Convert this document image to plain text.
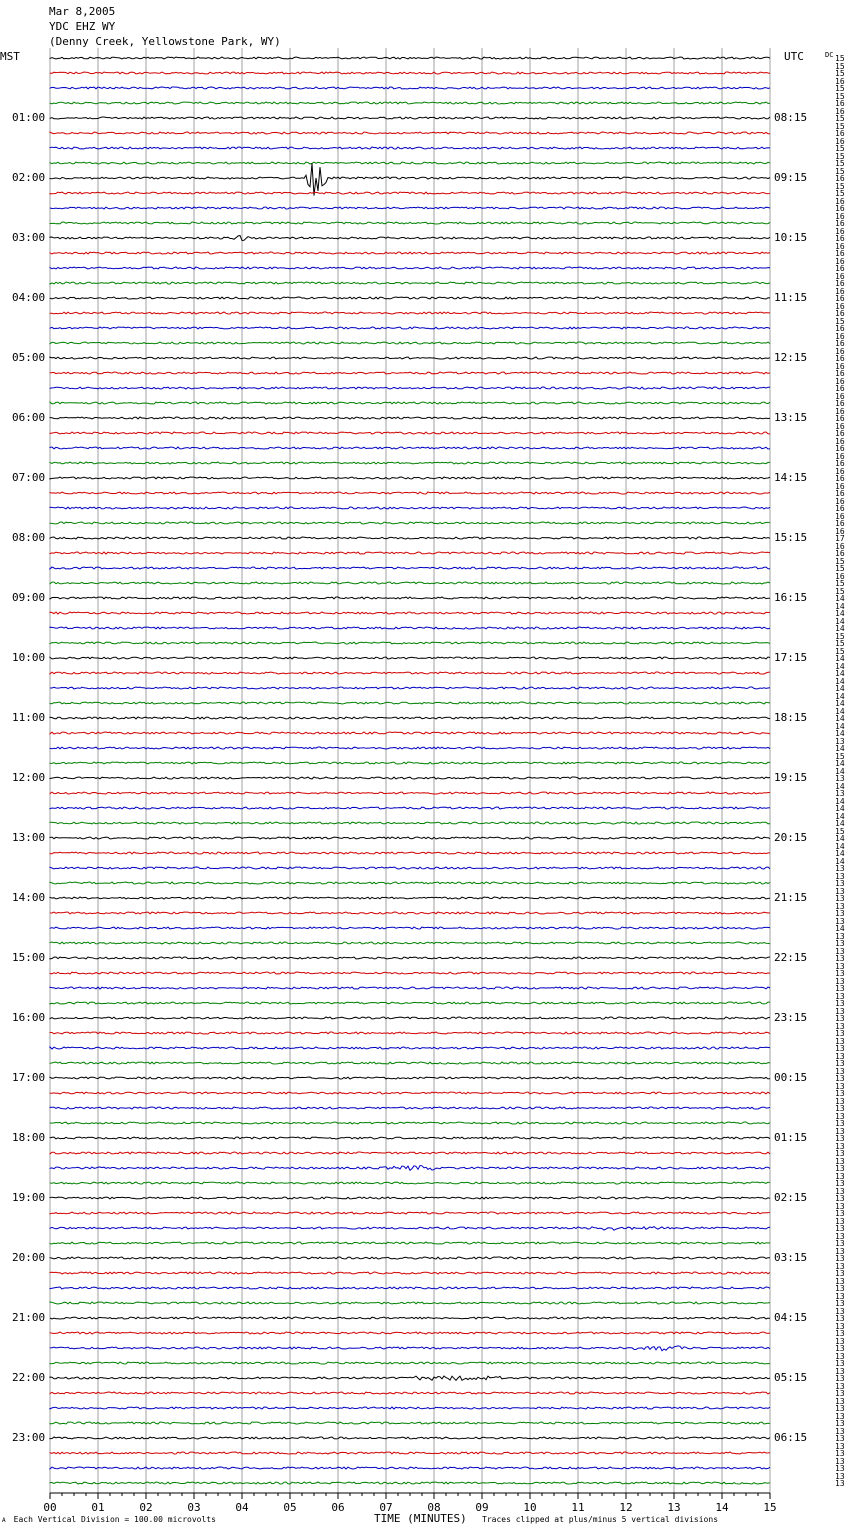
00	01	02	03	04	05	06	07	08	09	10	11	12	13	14	15
Mar 8,2005
YDC EHZ WY
(Denny Creek, Yellowstone Park, WY)
MST	UTC	DC
A Each Vertical Division = 100.00 microvolts	TIME (MINUTES) Traces clipped at plus/minus 5 vertical divisions
01:00
02:00
03:00
04:00
05:00
06:00
07:00
08:00
09:00
10:00
11:00
12:00
13:00
14:00
15:00
16:00
17:00
18:00
19:00
20:00
21:00
22:00
23:00
08:15
09:15
10:15
11:15
12:15
13:15
14:15
15:15
16:15
17:15
18:15
19:15
20:15
21:15
22:15
23:15
00:15
01:15
02:15
03:15
04:15
05:15
06:15
15
15
15
16
15
15
16
16
15
15
16
16
15
15
15
15
16
15
15
16
16
16
16
16
16
16
16
16
16
16
16
16
16
16
16
15
16
16
16
16
16
16
16
16
16
16
16
16
16
16
16
16
16
16
16
16
16
16
16
16
16
16
16
16
17
16
16
15
15
16
15
15
14
14
14
14
14
15
15
15
14
14
14
14
14
14
14
14
14
14
14
13
14
15
14
14
13
14
13
14
14
14
14
15
14
14
14
14
13
13
13
13
13
13
13
13
14
13
13
13
13
13
13
13
13
13
13
13
13
13
13
13
13
13
13
13
13
13
13
13
13
13
13
13
13
13
13
13
13
13
13
13
13
13
13
13
13
13
13
13
13
13
13
13
13
13
13
13
13
13
13
13
13
13
13
13
13
13
13
13
13
13
13
13
13
13
13
13
13
13
13
